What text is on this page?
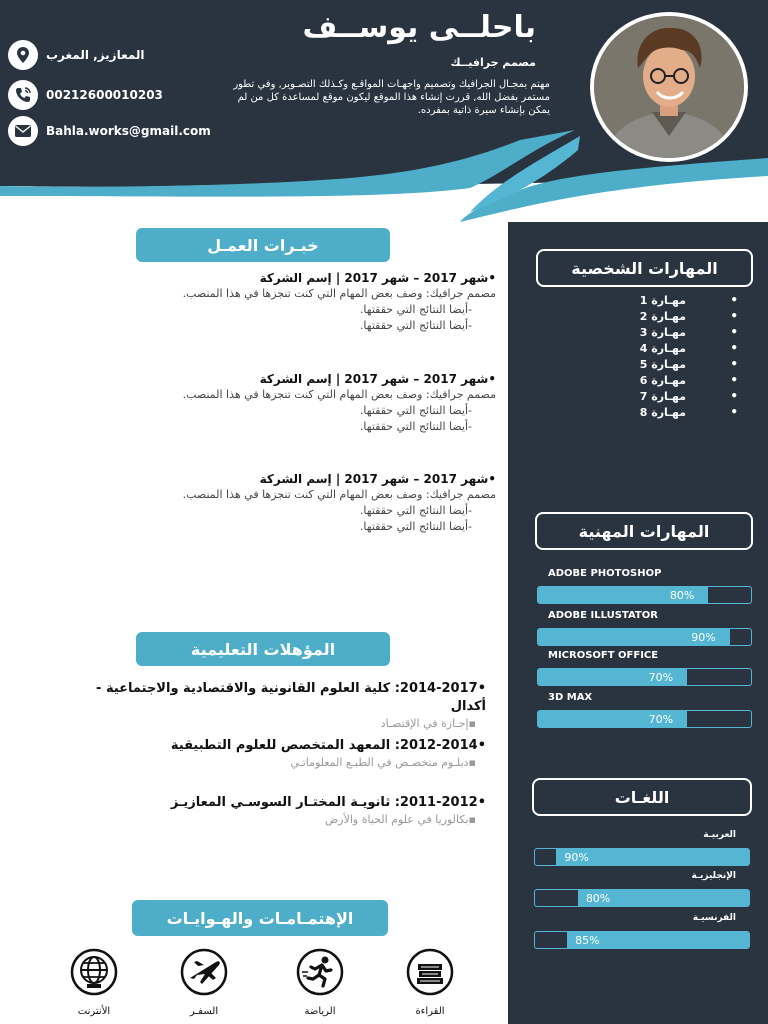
باحلــى يوســف
مصمم جرافيــك
مهتم بمجـال الجرافيك وتصميم واجهـات المواقـع وكـذلك التصـوير, وفي تطور مستمر بفضل الله, قررت إنشاء هذا الموقع ليكون موقع لمساعدة كل من لم يمكن بإنشاء سيرة ذاتية بمفرده.
المعازيز, المغرب
00212600010203
Bahla.works@gmail.com
المهارات الشخصية
• مهـارة 1
• مهـارة 2
• مهـارة 3
• مهـارة 4
• مهـارة 5
• مهـارة 6
• مهـارة 7
• مهـارة 8
المهارات المهنية
ADOBE PHOTOSHOP
80%
ADOBE ILLUSTATOR
90%
MICROSOFT OFFICE
70%
3D MAX
70%
اللغـات
العربيـة
90%
الإنجليزيـة
80%
الفرنسيـة
85%
خبـرات العمـل
•شهر 2017 – شهر 2017 | إسم الشركة
مصمم جرافيك: وصف بعض المهام التي كنت تنجزها في هذا المنصب.
-أيضا النتائج التي حققتها.
-أيضا النتائج التي حققتها.
•شهر 2017 – شهر 2017 | إسم الشركة
مصمم جرافيك: وصف بعض المهام التي كنت تنجزها في هذا المنصب.
-أيضا النتائج التي حققتها.
-أيضا النتائج التي حققتها.
•شهر 2017 – شهر 2017 | إسم الشركة
مصمم جرافيك: وصف بعض المهام التي كنت تنجزها في هذا المنصب.
-أيضا النتائج التي حققتها.
-أيضا النتائج التي حققتها.
المؤهلات التعليمية
•2014-2017: كلية العلوم القانونية والاقتصادية والاجتماعية - أكدال
▪إجـازة في الإقتصـاد
•2012-2014: المعهد المتخصص للعلوم التطبيقية
▪دبلـوم متخصـص في الطبـع المعلوماتـي
•2011-2012: ثانويـة المختـار السوسـي المعازيـز
▪بكالوريا في علوم الحياة والأرض
الإهتمـامـات والهـوايـات
القراءة
الرياضة
السفـر
الأنترنت
